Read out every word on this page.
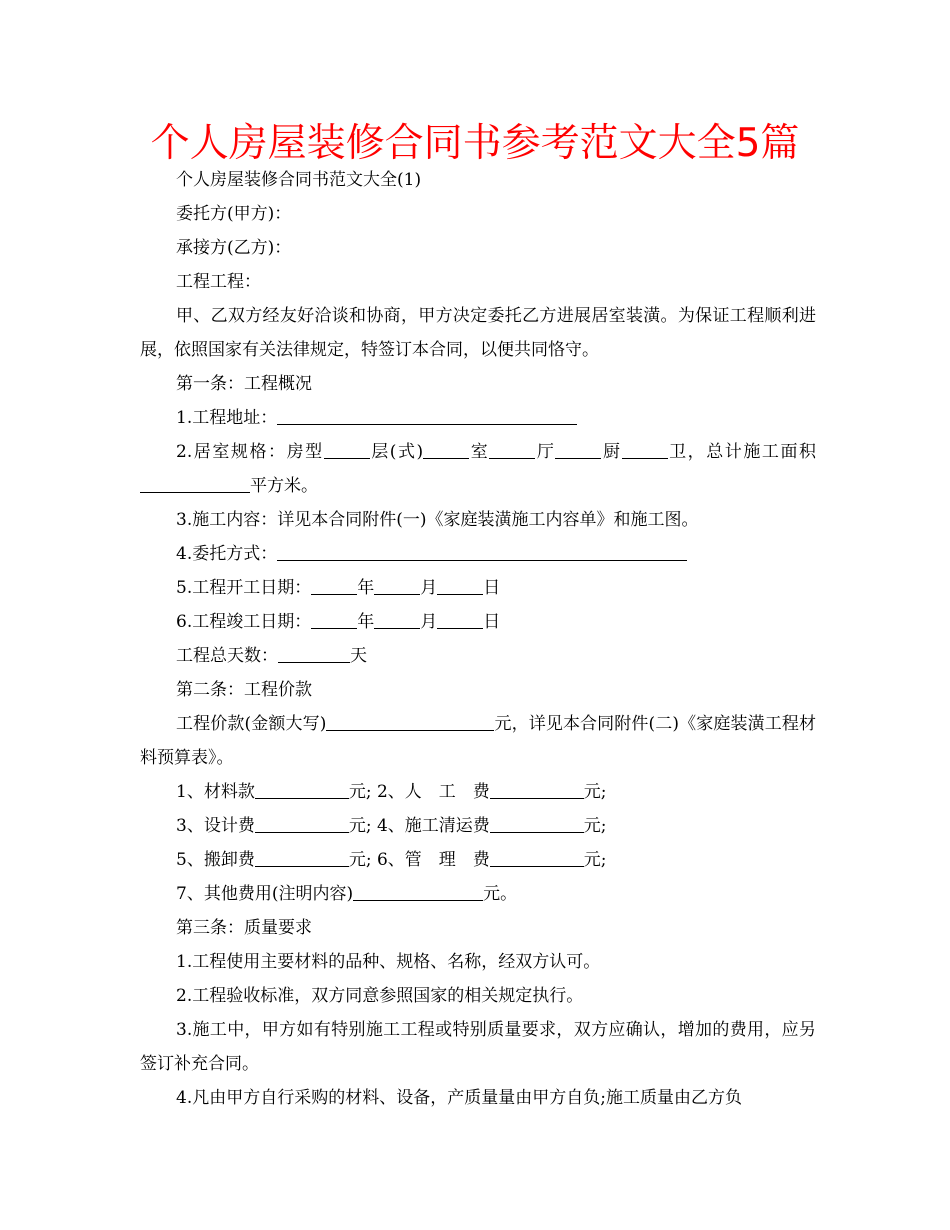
个人房屋装修合同书参考范文大全5篇

个人房屋装修合同书范文大全(1)

委托方(甲方)：

承接方(乙方)：

工程工程：

甲、乙双方经友好洽谈和协商，甲方决定委托乙方进展居室装潢。为保证工程顺利进展，依照国家有关法律规定，特签订本合同，以便共同恪守。

第一条：工程概况

1.工程地址：

2.居室规格：房型	层(式)	室	厅	厨	卫，总计施工面积平方米。

3.施工内容：详见本合同附件(一)《家庭装潢施工内容单》和施工图。

4.委托方式：

5.工程开工日期：	年	月	日

6.工程竣工日期：	年	月	日

工程总天数：	天

第二条：工程价款

工程价款(金额大写)	元，详见本合同附件(二)《家庭装潢工程材料预算表》。

1、材料款	元; 2、人　工　费	元;

3、设计费	元; 4、施工清运费	元;

5、搬卸费	元; 6、管　理　费	元;

7、其他费用(注明内容)	元。

第三条：质量要求

1.工程使用主要材料的品种、规格、名称，经双方认可。

2.工程验收标准，双方同意参照国家的相关规定执行。

3.施工中，甲方如有特别施工工程或特别质量要求，双方应确认，增加的费用，应另签订补充合同。

4.凡由甲方自行采购的材料、设备，产质量量由甲方自负;施工质量由乙方负
